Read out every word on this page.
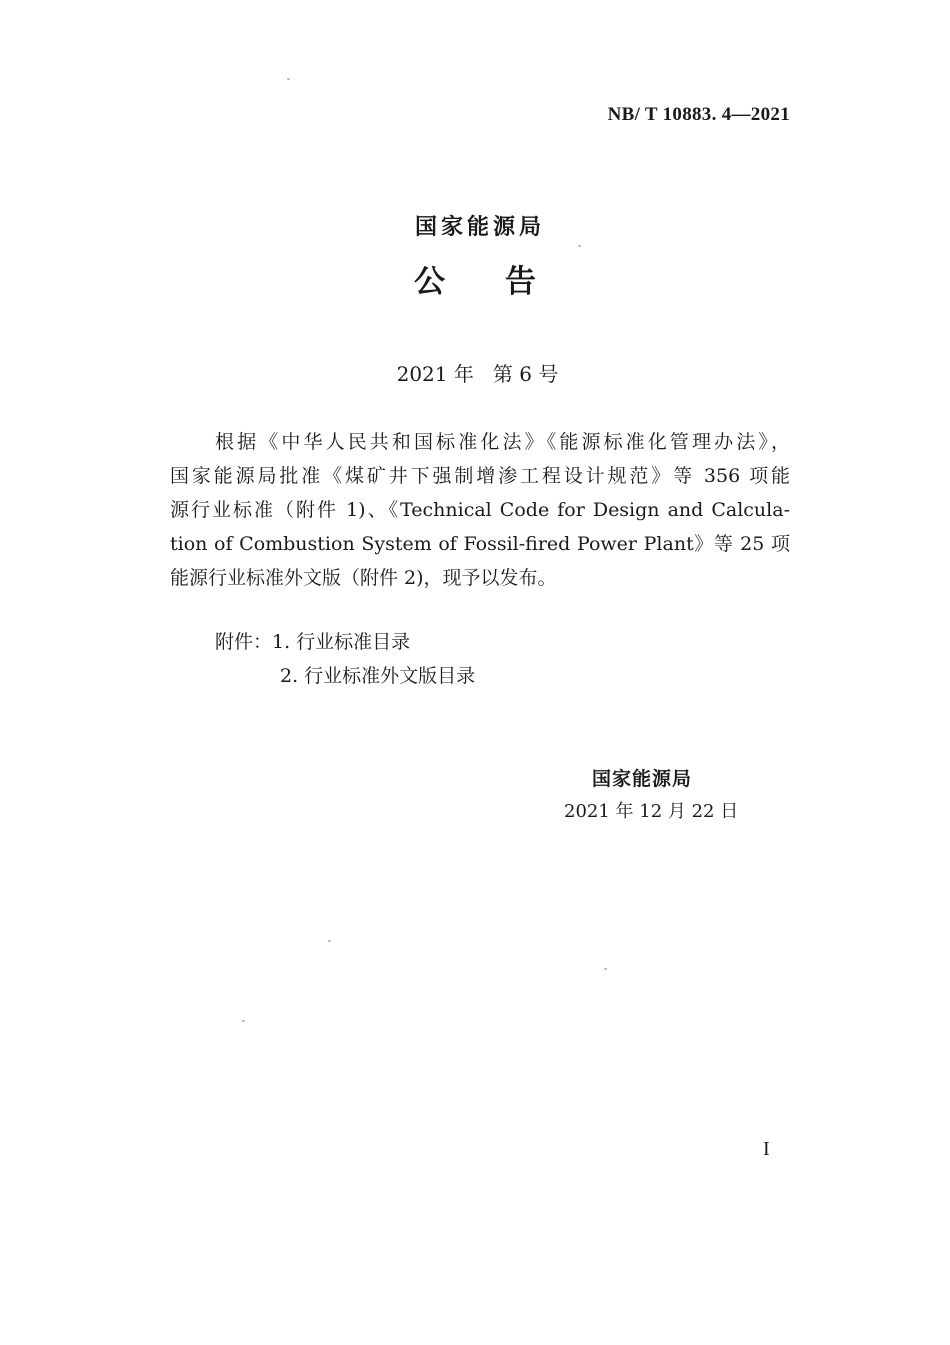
NB/ T 10883. 4—2021
国家能源局
公告
2021 年   第 6 号
根据《中华人民共和国标准化法》《能源标准化管理办法》，
国家能源局批准《煤矿井下强制增渗工程设计规范》等 356 项能
源行业标准（附件 1)、《Technical Code for Design and Calcula-
tion of Combustion System of Fossil-fired Power Plant》等 25 项
能源行业标准外文版（附件 2)，现予以发布。
附件：1. 行业标准目录
2. 行业标准外文版目录
国家能源局
2021 年 12 月 22 日
I
